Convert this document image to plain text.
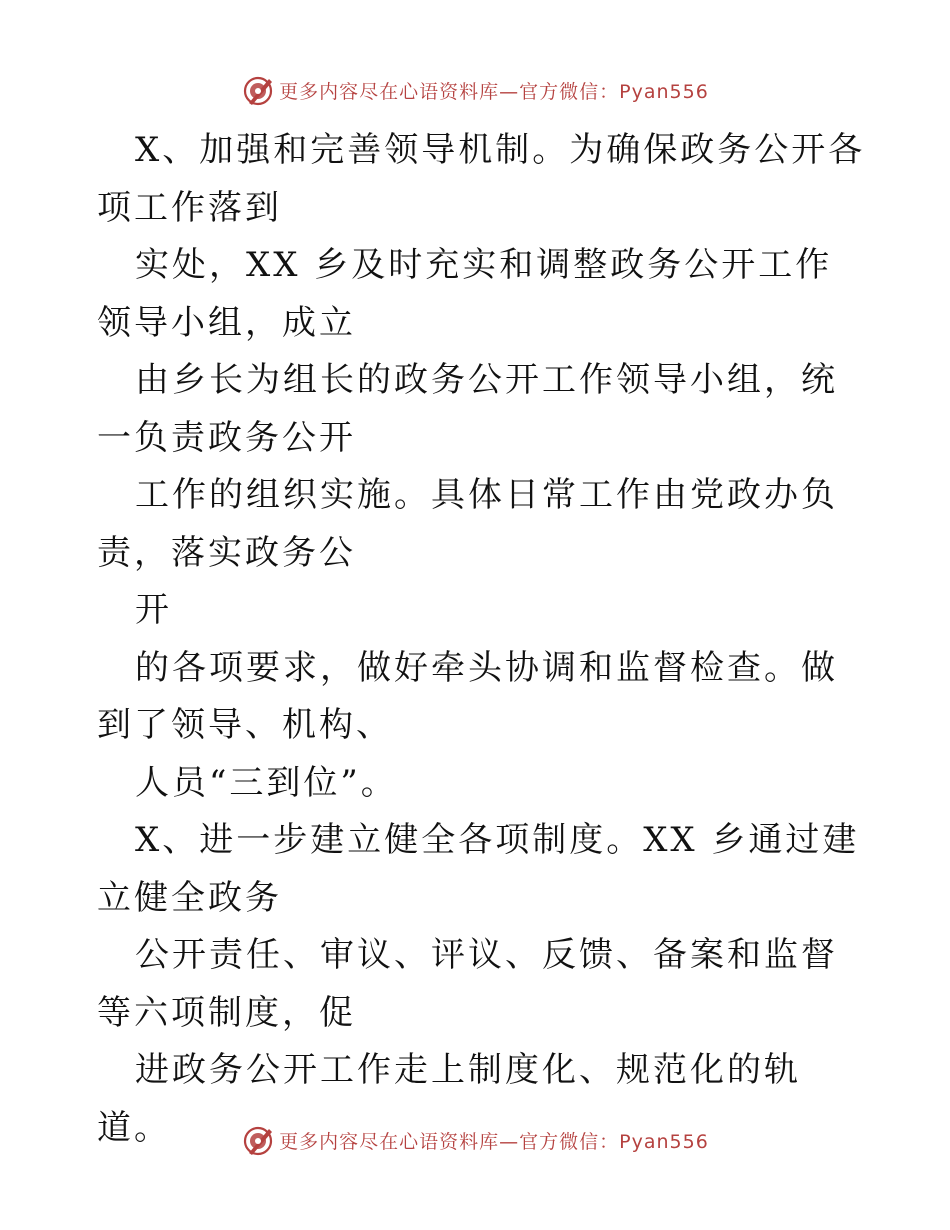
更多内容尽在心语资料库—官方微信：Pyan556

X、加强和完善领导机制。为确保政务公开各项工作落到

实处，XX 乡及时充实和调整政务公开工作领导小组，成立

由乡长为组长的政务公开工作领导小组，统一负责政务公开

工作的组织实施。具体日常工作由党政办负责，落实政务公

开

的各项要求，做好牵头协调和监督检查。做到了领导、机构、

人员“三到位”。

X、进一步建立健全各项制度。XX 乡通过建立健全政务

公开责任、审议、评议、反馈、备案和监督等六项制度，促

进政务公开工作走上制度化、规范化的轨道。	更多内容尽在心语资料库—官方微信：Pyan556
